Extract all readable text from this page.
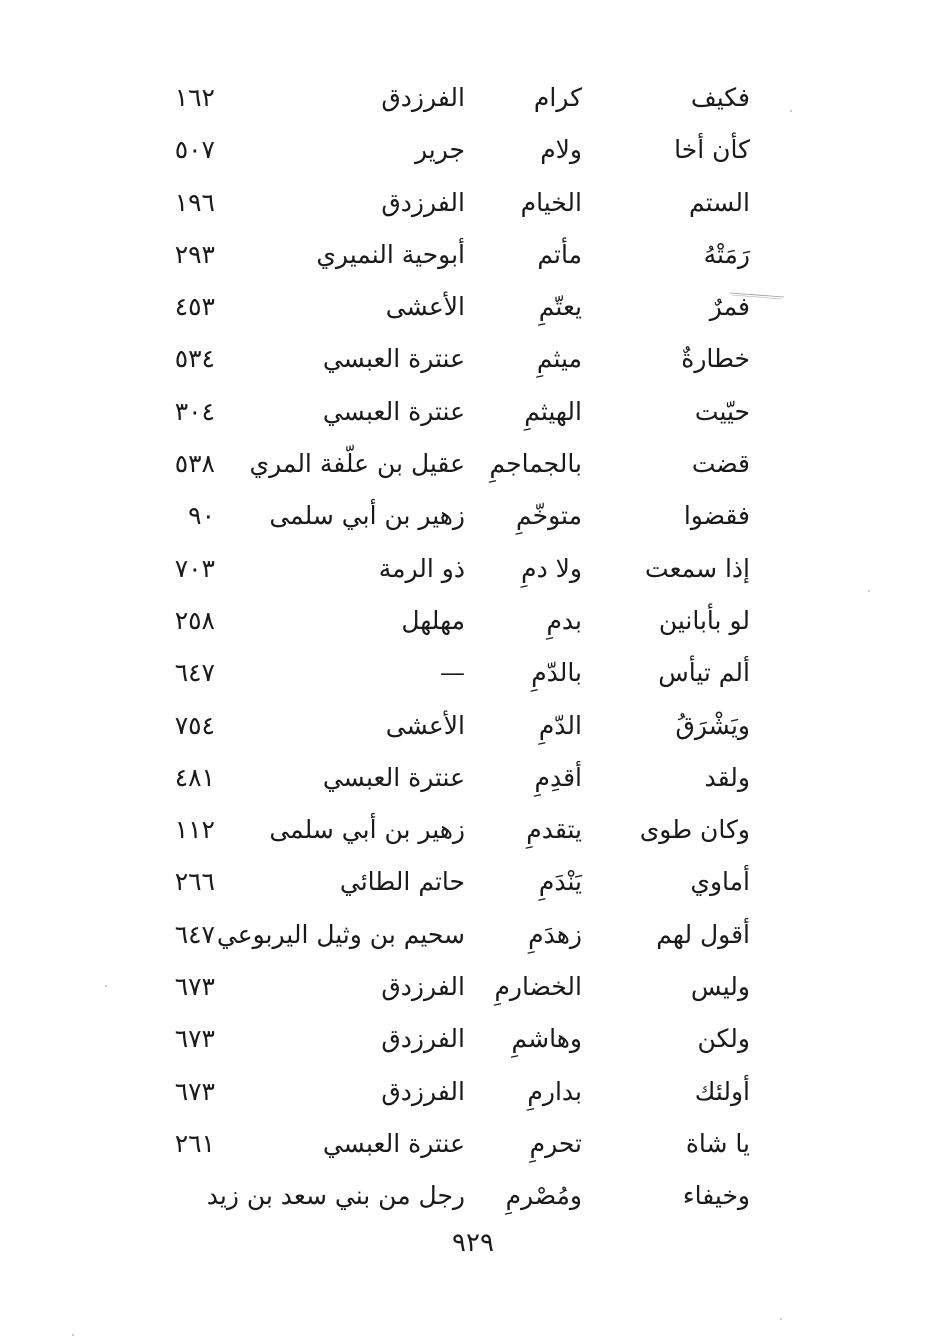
فكيف
كرام
الفرزدق
١٦٢
كأن أخا
ولام
جرير
٥٠٧
الستم
الخيام
الفرزدق
١٩٦
رَمَتْهُ
مأتم
أبوحية النميري
٢٩٣
فمرٌ
يعتّمِ
الأعشى
٤٥٣
خطارةٌ
ميثمِ
عنترة العبسي
٥٣٤
حيّيت
الهيثمِ
عنترة العبسي
٣٠٤
قضت
بالجماجمِ
عقيل بن علّفة المري
٥٣٨
فقضوا
متوخّمِ
زهير بن أبي سلمى
٩٠
إذا سمعت
ولا دمِ
ذو الرمة
٧٠٣
لو بأبانين
بدمِ
مهلهل
٢٥٨
ألم تيأس
بالدّمِ
—
٦٤٧
ويَشْرَقُ
الدّمِ
الأعشى
٧٥٤
ولقد
أقدِمِ
عنترة العبسي
٤٨١
وكان طوى
يتقدمِ
زهير بن أبي سلمى
١١٢
أماوي
يَنْدَمِ
حاتم الطائي
٢٦٦
أقول لهم
زهدَمِ
سحيم بن وثيل اليربوعي
٦٤٧
وليس
الخضارمِ
الفرزدق
٦٧٣
ولكن
وهاشمِ
الفرزدق
٦٧٣
أولئك
بدارمِ
الفرزدق
٦٧٣
يا شاة
تحرمِ
عنترة العبسي
٢٦١
وخيفاء
ومُصْرمِ
رجل من بني سعد بن زيد
٩٢٩
